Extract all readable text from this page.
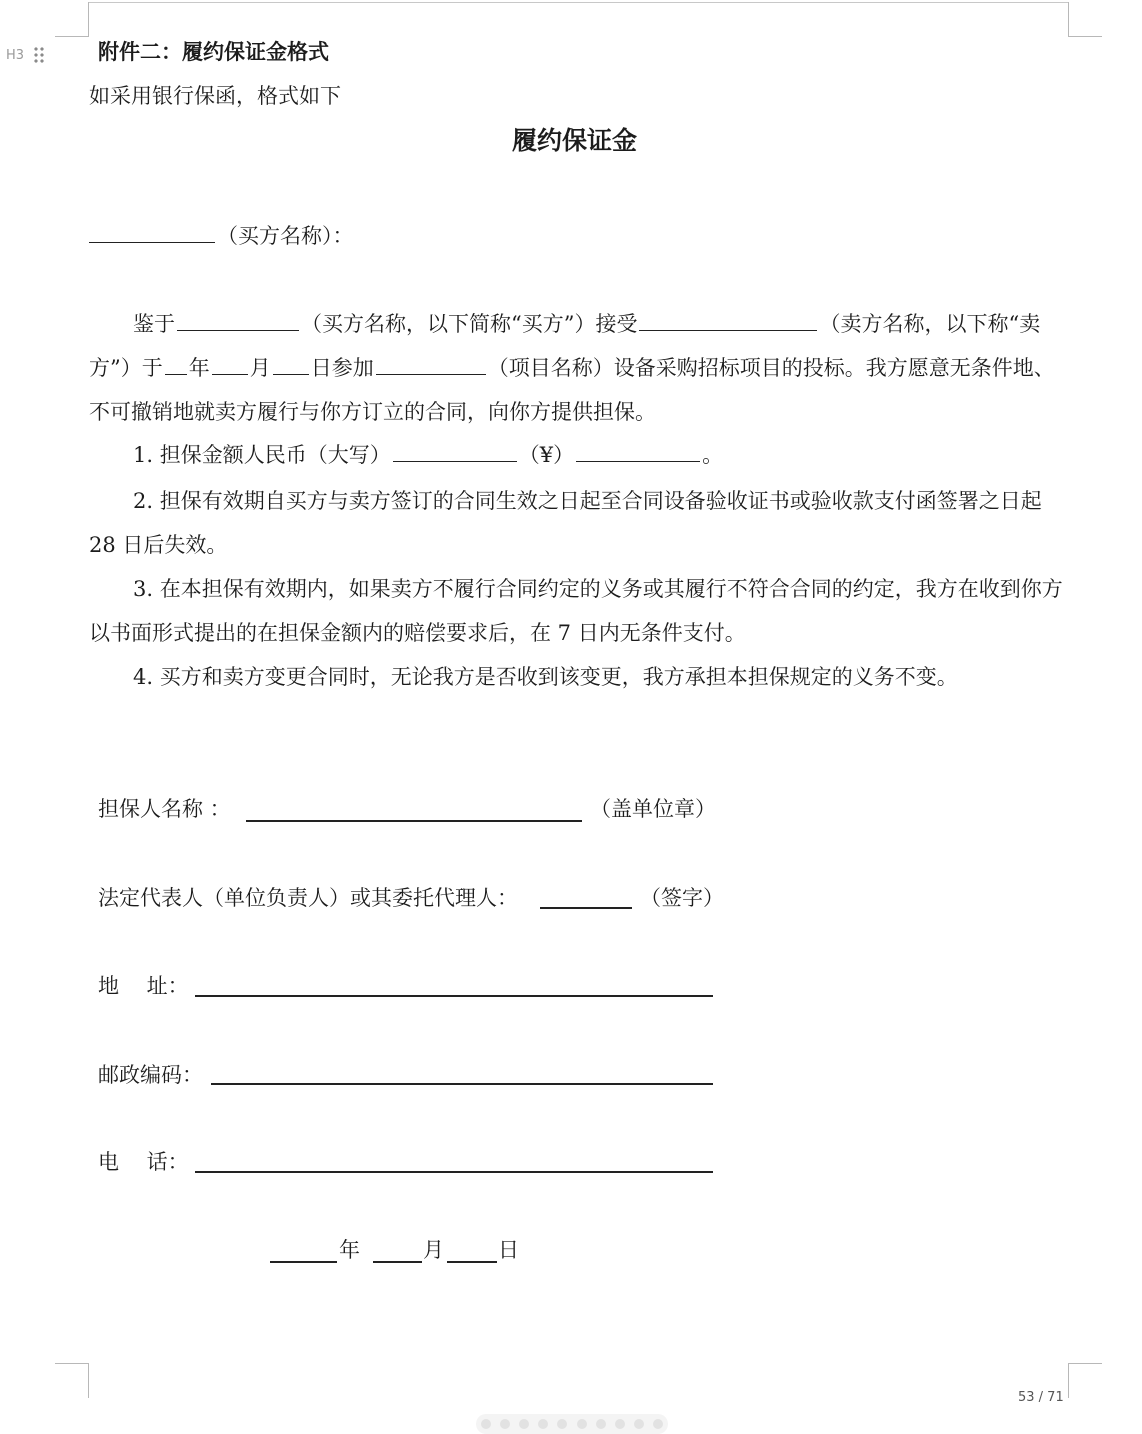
H3	附件二：履约保证金格式
如采用银行保函，格式如下
履约保证金
（买方名称）：
鉴于	（买方名称，以下简称“买方”）接受	（卖方名称，以下称“卖方”）于 年 月 日参加	（项目名称）设备采购招标项目的投标。我方愿意无条件地、不可撤销地就卖方履行与你方订立的合同，向你方提供担保。
1. 担保金额人民币（大写）	（¥）	。
2. 担保有效期自买方与卖方签订的合同生效之日起至合同设备验收证书或验收款支付函签署之日起 28 日后失效。
3. 在本担保有效期内，如果卖方不履行合同约定的义务或其履行不符合合同的约定，我方在收到你方以书面形式提出的在担保金额内的赔偿要求后，在 7 日内无条件支付。
4. 买方和卖方变更合同时，无论我方是否收到该变更，我方承担本担保规定的义务不变。
担保人名称 ：	（盖单位章）
法定代表人（单位负责人）或其委托代理人：	（签字）
地　 址：
邮政编码：
电　 话：
年	月	日
53 / 71
